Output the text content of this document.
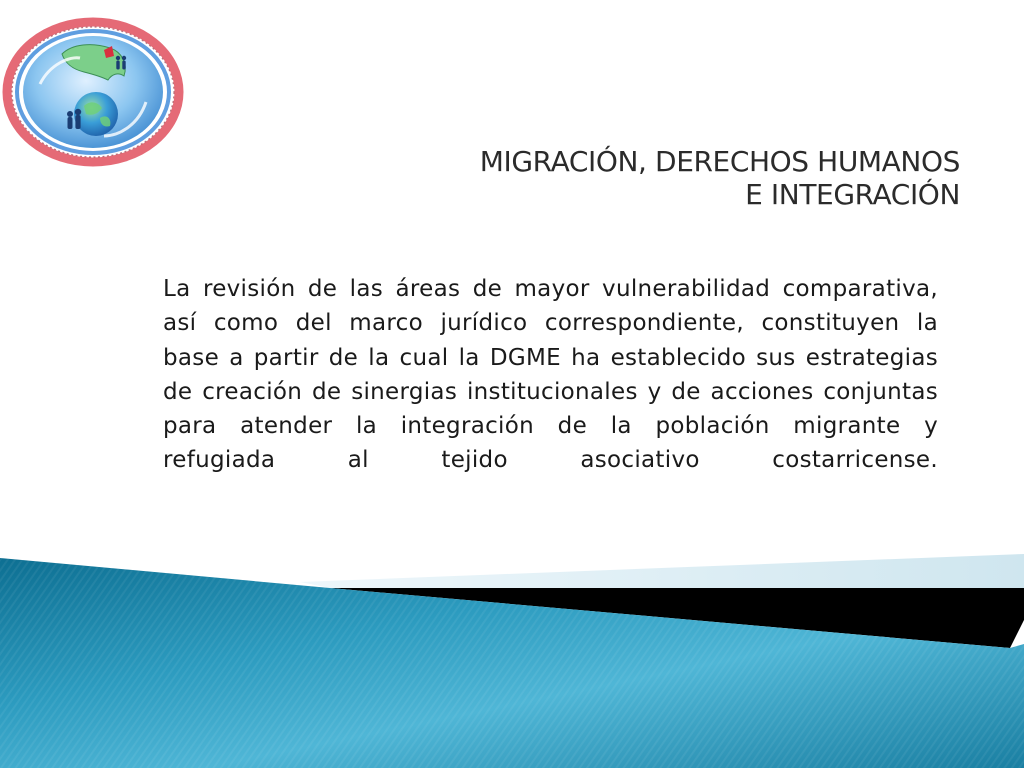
MIGRACIÓN, DERECHOS HUMANOS
E INTEGRACIÓN
La revisión de las áreas de mayor vulnerabilidad comparativa, así como del marco jurídico correspondiente, constituyen la base a partir de la cual la DGME ha establecido sus estrategias de creación de sinergias institucionales y de acciones conjuntas para atender la integración de la población migrante y refugiada al tejido asociativo costarricense.
